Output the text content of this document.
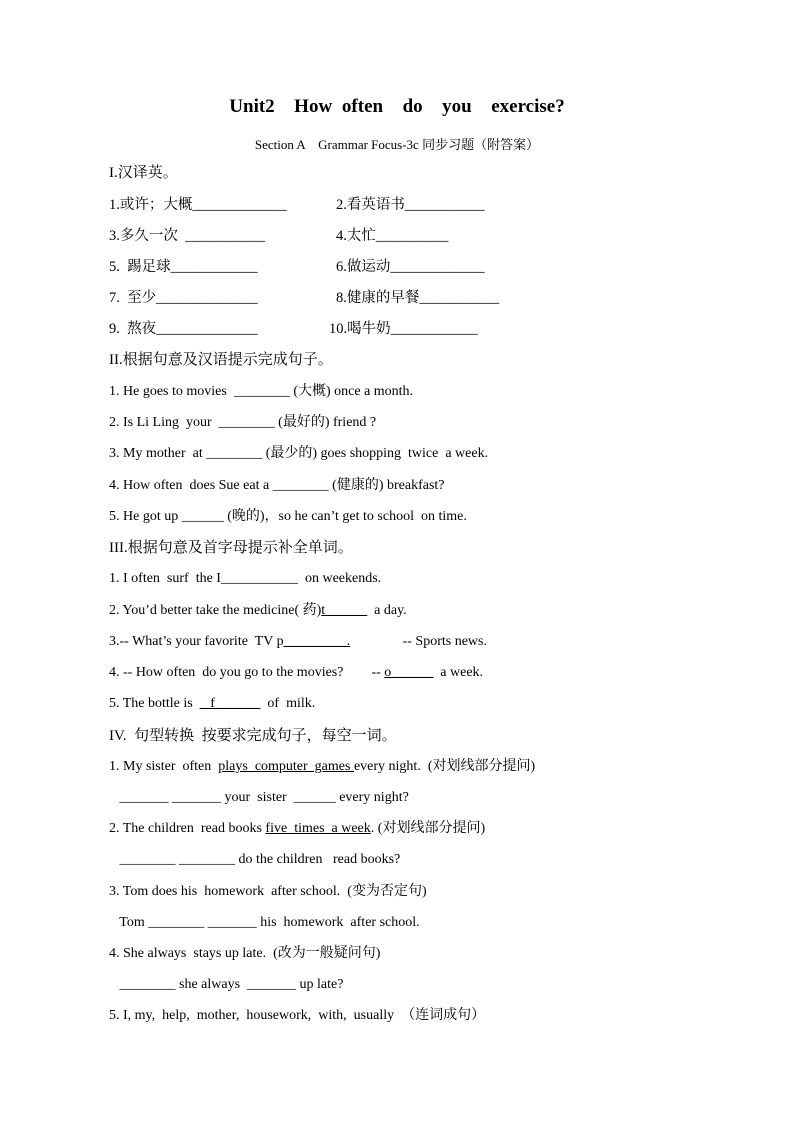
Unit2  How often  do  you  exercise?
Section A    Grammar Focus-3c 同步习题（附答案）
I.汉译英。
1.或许；大概_____________	2.看英语书___________
3.多久一次  ___________	4.太忙__________
5.  踢足球____________	6.做运动_____________
7.  至少______________	8.健康的早餐___________
9.  熬夜______________	10.喝牛奶____________
II.根据句意及汉语提示完成句子。
1. He goes to movies  ________ (大概) once a month.
2. Is Li Ling  your  ________ (最好的) friend ?
3. My mother  at ________ (最少的) goes shopping  twice  a week.
4. How often  does Sue eat a ________ (健康的) breakfast?
5. He got up ______ (晚的)，so he can’t get to school  on time.
III.根据句意及首字母提示补全单词。
1. I often  surf  the I___________  on weekends.
2. You’d better take the medicine( 药)t______  a day.
3.-- What’s your favorite  TV p_________.               -- Sports news.
4. -- How often  do you go to the movies?        -- o______  a week.
5. The bottle is  _ f ______  of  milk.
IV.  句型转换  按要求完成句子，每空一词。
1. My sister  often  plays  computer  games every night.  (对划线部分提问)
_______ _______ your  sister  ______ every night?
2. The children  read books five  times  a week. (对划线部分提问)
________ ________ do the children   read books?
3. Tom does his  homework  after school.  (变为否定句)
Tom ________ _______ his  homework  after school.
4. She always  stays up late.  (改为一般疑问句)
________ she always  _______ up late?
5. I, my,  help,  mother,  housework,  with,  usually  （连词成句）
